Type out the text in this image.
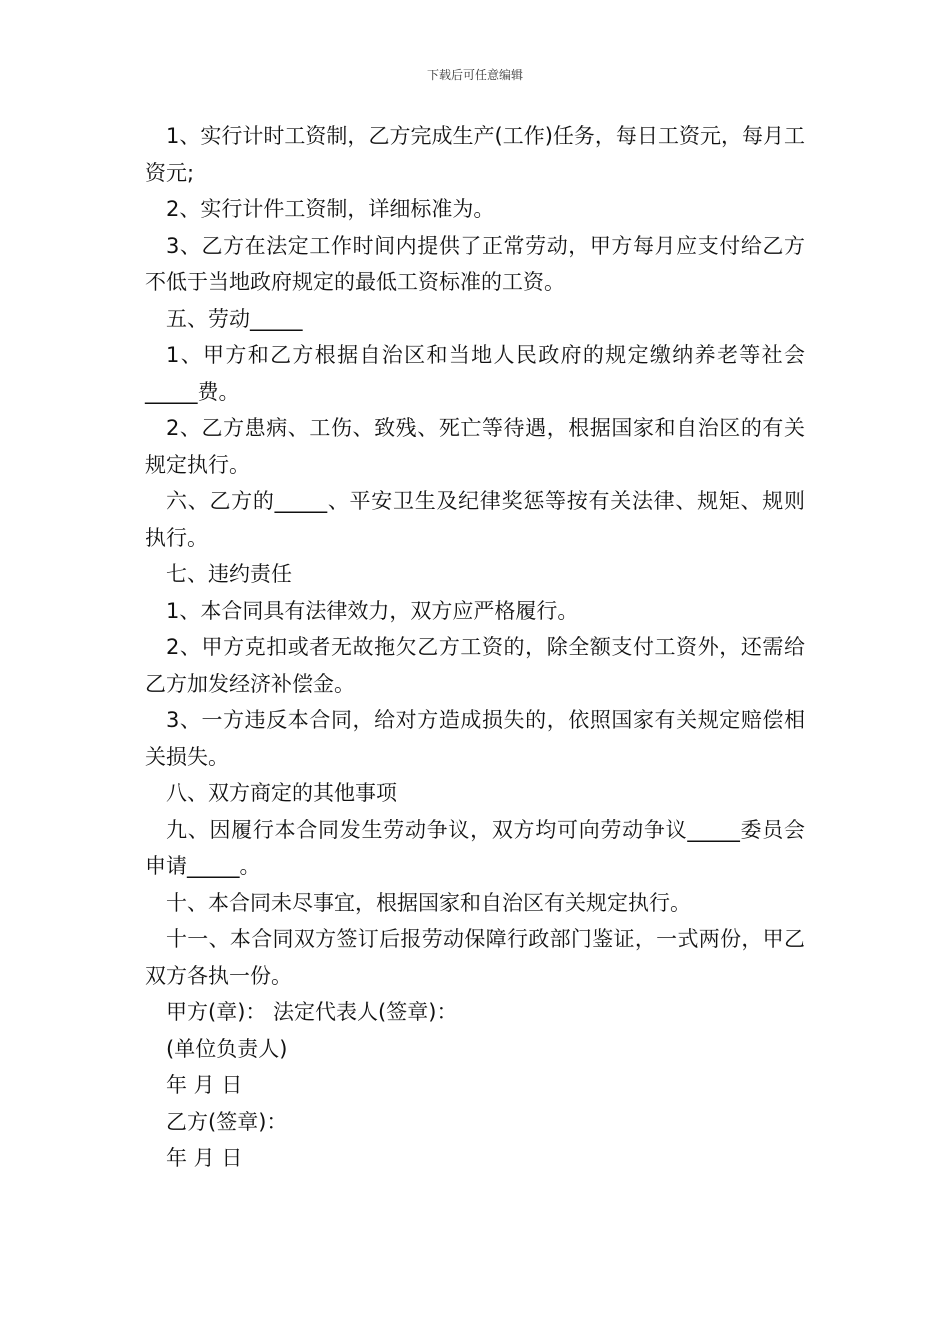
下载后可任意编辑

1、实行计时工资制，乙方完成生产(工作)任务，每日工资元，每月工资元;

2、实行计件工资制，详细标准为。

3、乙方在法定工作时间内提供了正常劳动，甲方每月应支付给乙方不低于当地政府规定的最低工资标准的工资。

五、劳动_____

1、甲方和乙方根据自治区和当地人民政府的规定缴纳养老等社会_____费。

2、乙方患病、工伤、致残、死亡等待遇，根据国家和自治区的有关规定执行。

六、乙方的_____、平安卫生及纪律奖惩等按有关法律、规矩、规则执行。

七、违约责任

1、本合同具有法律效力，双方应严格履行。

2、甲方克扣或者无故拖欠乙方工资的，除全额支付工资外，还需给乙方加发经济补偿金。

3、一方违反本合同，给对方造成损失的，依照国家有关规定赔偿相关损失。

八、双方商定的其他事项

九、因履行本合同发生劳动争议，双方均可向劳动争议_____委员会申请_____。

十、本合同未尽事宜，根据国家和自治区有关规定执行。

十一、本合同双方签订后报劳动保障行政部门鉴证，一式两份，甲乙双方各执一份。

甲方(章)： 法定代表人(签章)：

(单位负责人)

年 月 日

乙方(签章)：

年 月 日
